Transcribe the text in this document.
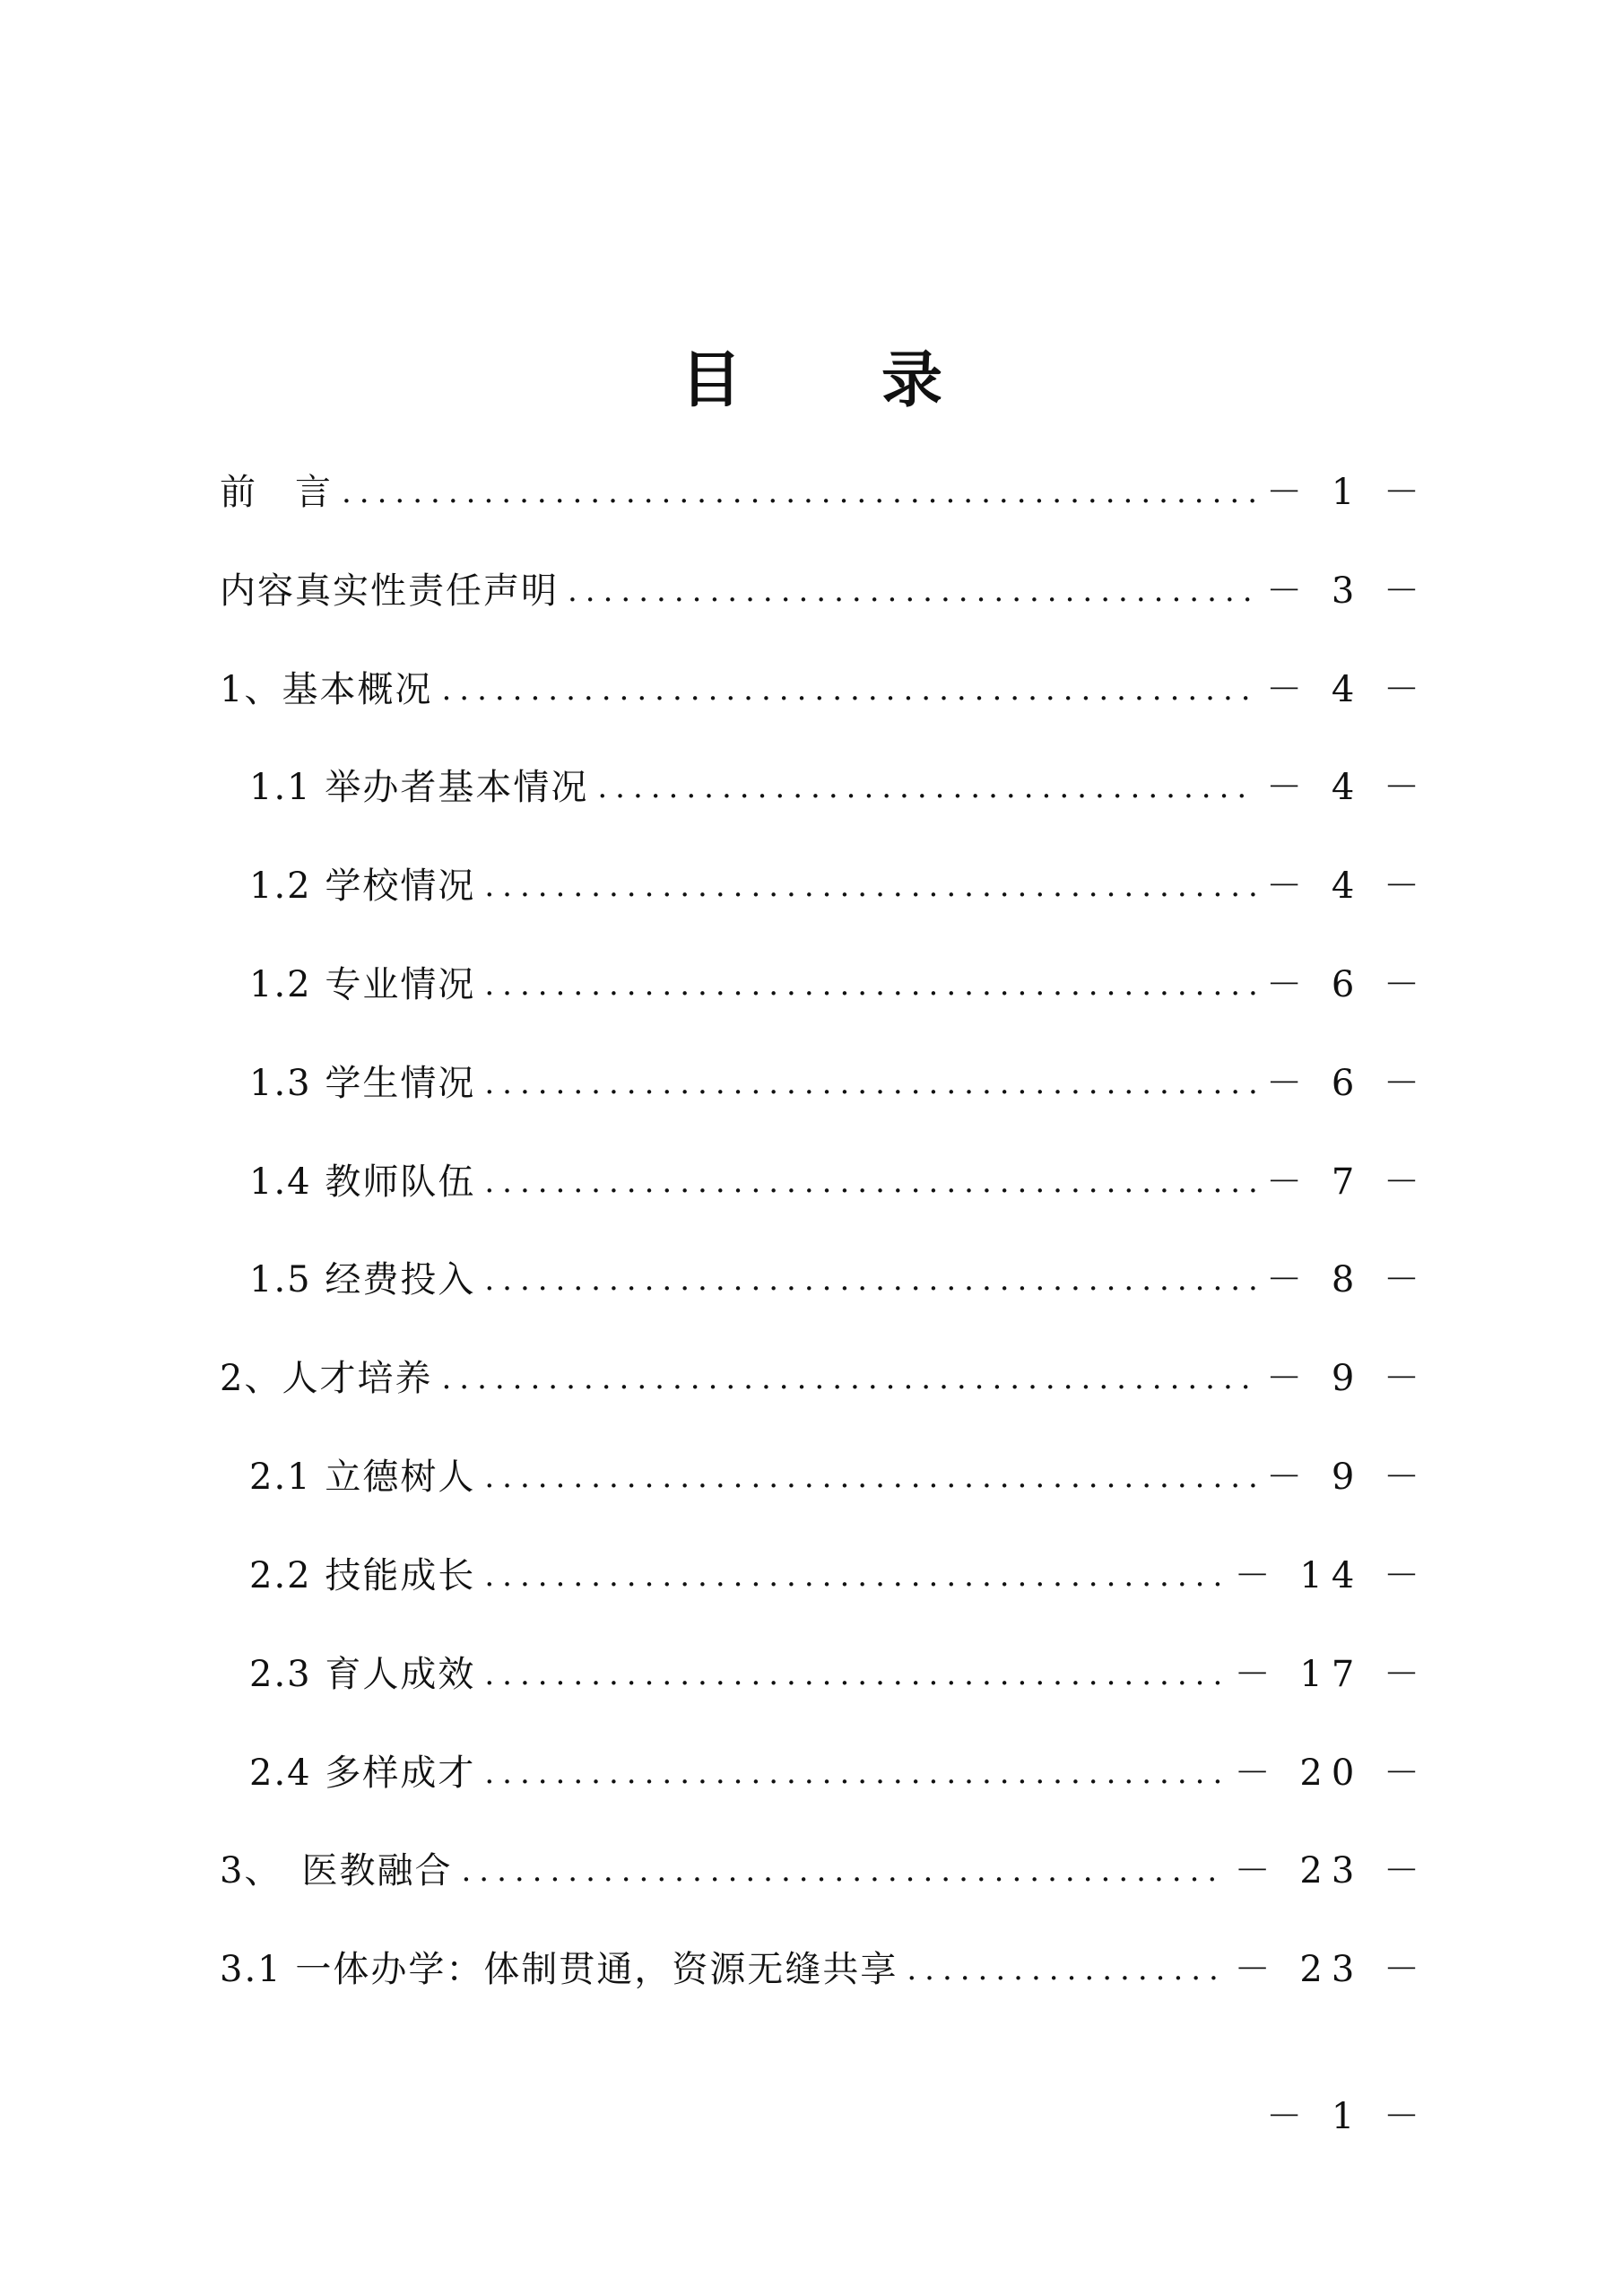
目　录
前　言 .....	－ 1 －
内容真实性责任声明 .....	－ 3 －
1、基本概况 .....	－ 4 －
1.1 举办者基本情况 .....	－ 4 －
1.2 学校情况 .....	－ 4 －
1.2 专业情况 .....	－ 6 －
1.3 学生情况 .....	－ 6 －
1.4 教师队伍 .....	－ 7 －
1.5 经费投入 .....	－ 8 －
2、人才培养 .....	－ 9 －
2.1 立德树人 .....	－ 9 －
2.2 技能成长 .....	－ 14 －
2.3 育人成效 .....	－ 17 －
2.4 多样成才 .....	－ 20 －
3、　医教融合 .....	－ 23 －
3.1 一体办学：体制贯通，资源无缝共享 .....	－ 23 －
－ 1 －
